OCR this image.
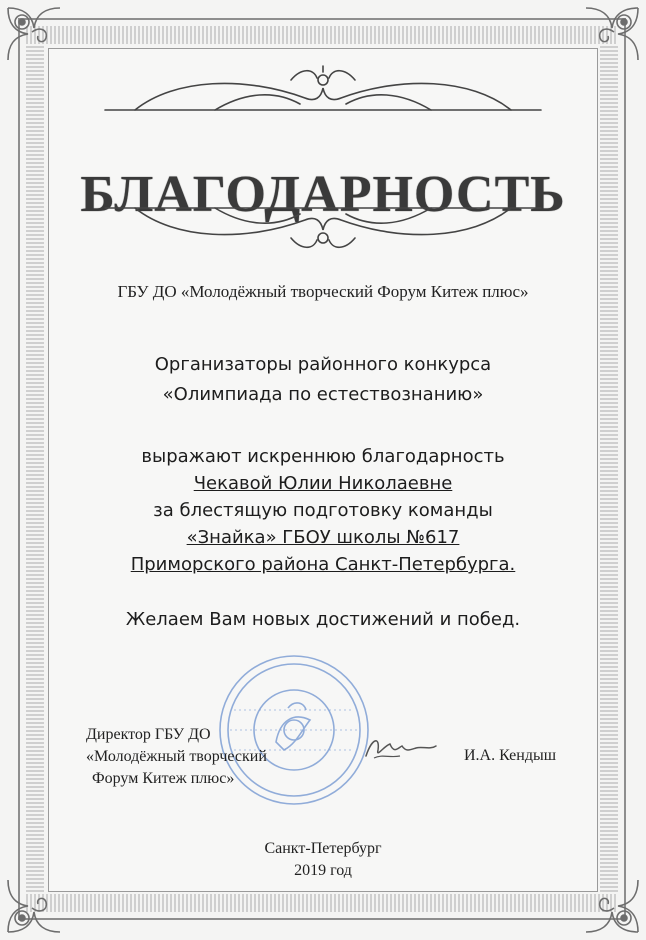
БЛАГОДАРНОСТЬ
ГБУ ДО «Молодёжный творческий Форум Китеж плюс»
Организаторы районного конкурса
«Олимпиада по естествознанию»
выражают искреннюю благодарность
Чекавой Юлии Николаевне
за блестящую подготовку команды
«Знайка» ГБОУ школы №617
Приморского района Санкт-Петербурга.
Желаем Вам новых достижений и побед.
Директор ГБУ ДО
«Молодёжный творческий
Форум Китеж плюс»
И.А. Кендыш
Санкт-Петербург
2019 год
